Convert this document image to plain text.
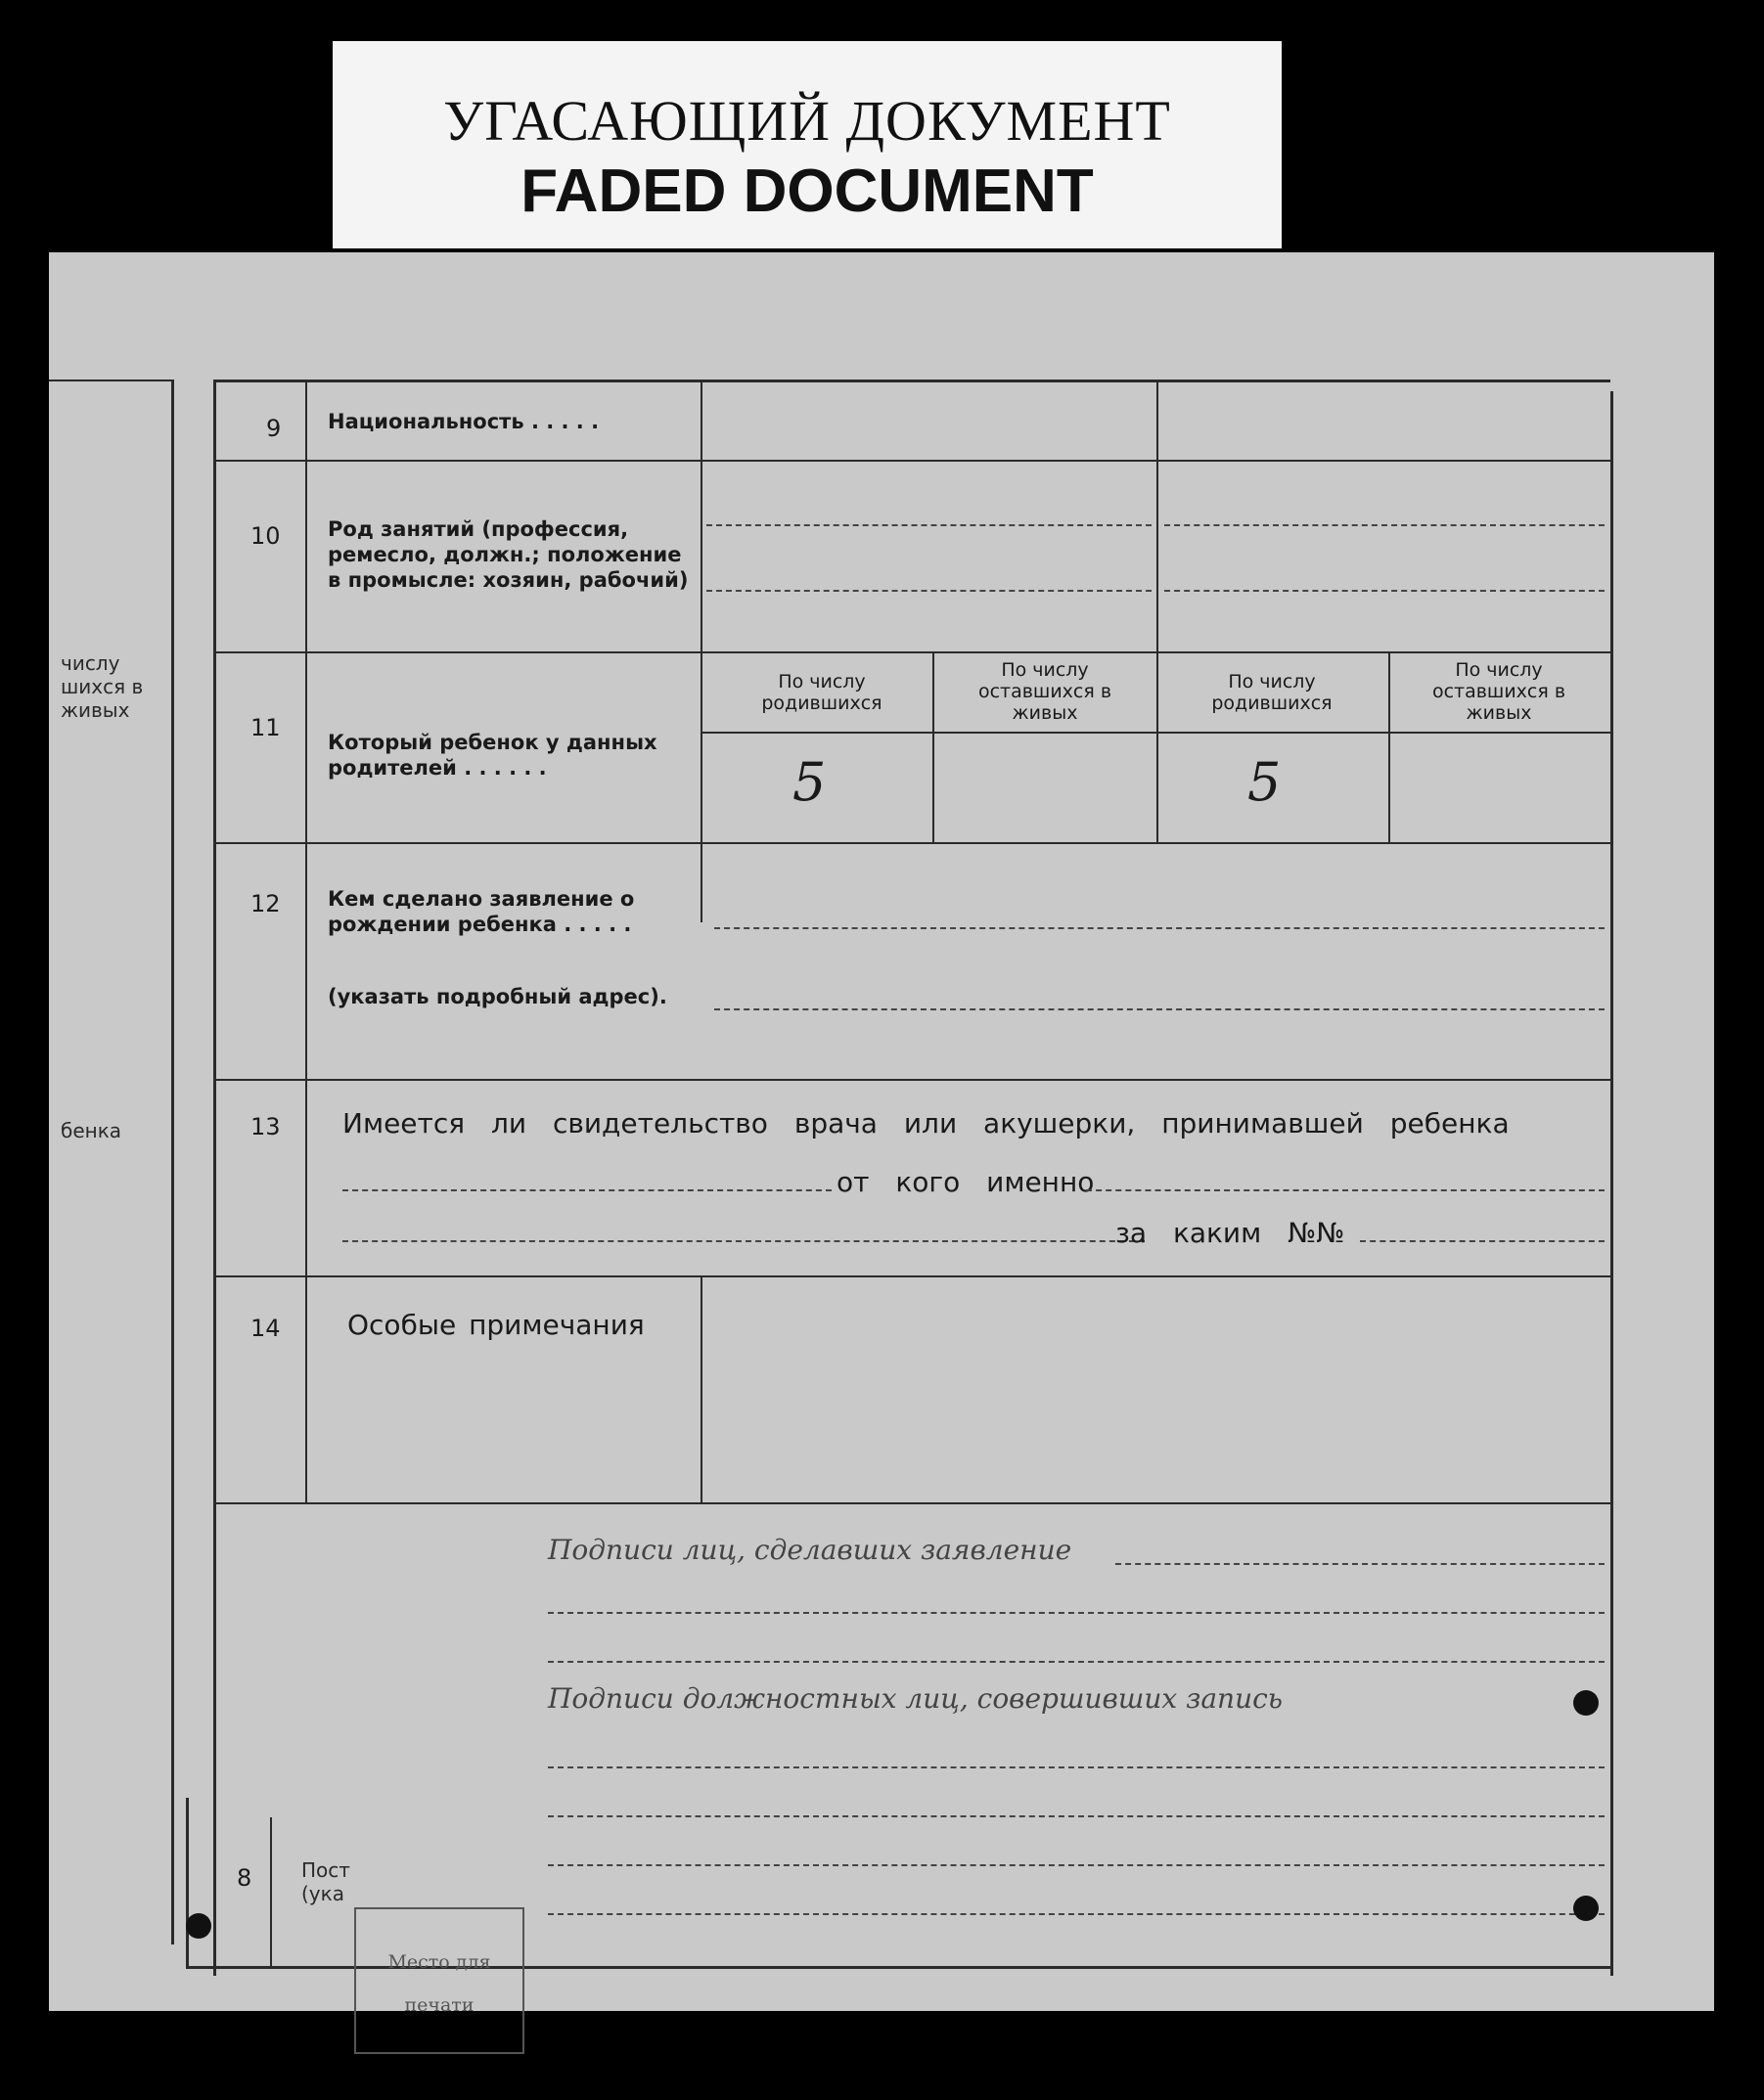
УГАСАЮЩИЙ ДОКУМЕНТ
FADED DOCUMENT
числу
шихся в
живых
бенка
9 Национальность . . . . .
10 Род занятий (профессия, ремесло, должн.; положение в промысле: хозяин, рабочий)
11
Который ребенок у данных родителей . . . . . .
По числу родившихся
По числу оставшихся в живых
По числу родившихся
По числу оставшихся в живых
5	5
12 Кем сделано заявление о рождении ребенка . . . . .
(указать подробный адрес).
13 Имеется ли свидетельство врача или акушерки, принимавшей ребенка
от кого именно
за каким №№
14 Особые примечания
Подписи лиц, сделавших заявление
Подписи должностных лиц, совершивших запись
Место для
печати
8	Пост
(ука
